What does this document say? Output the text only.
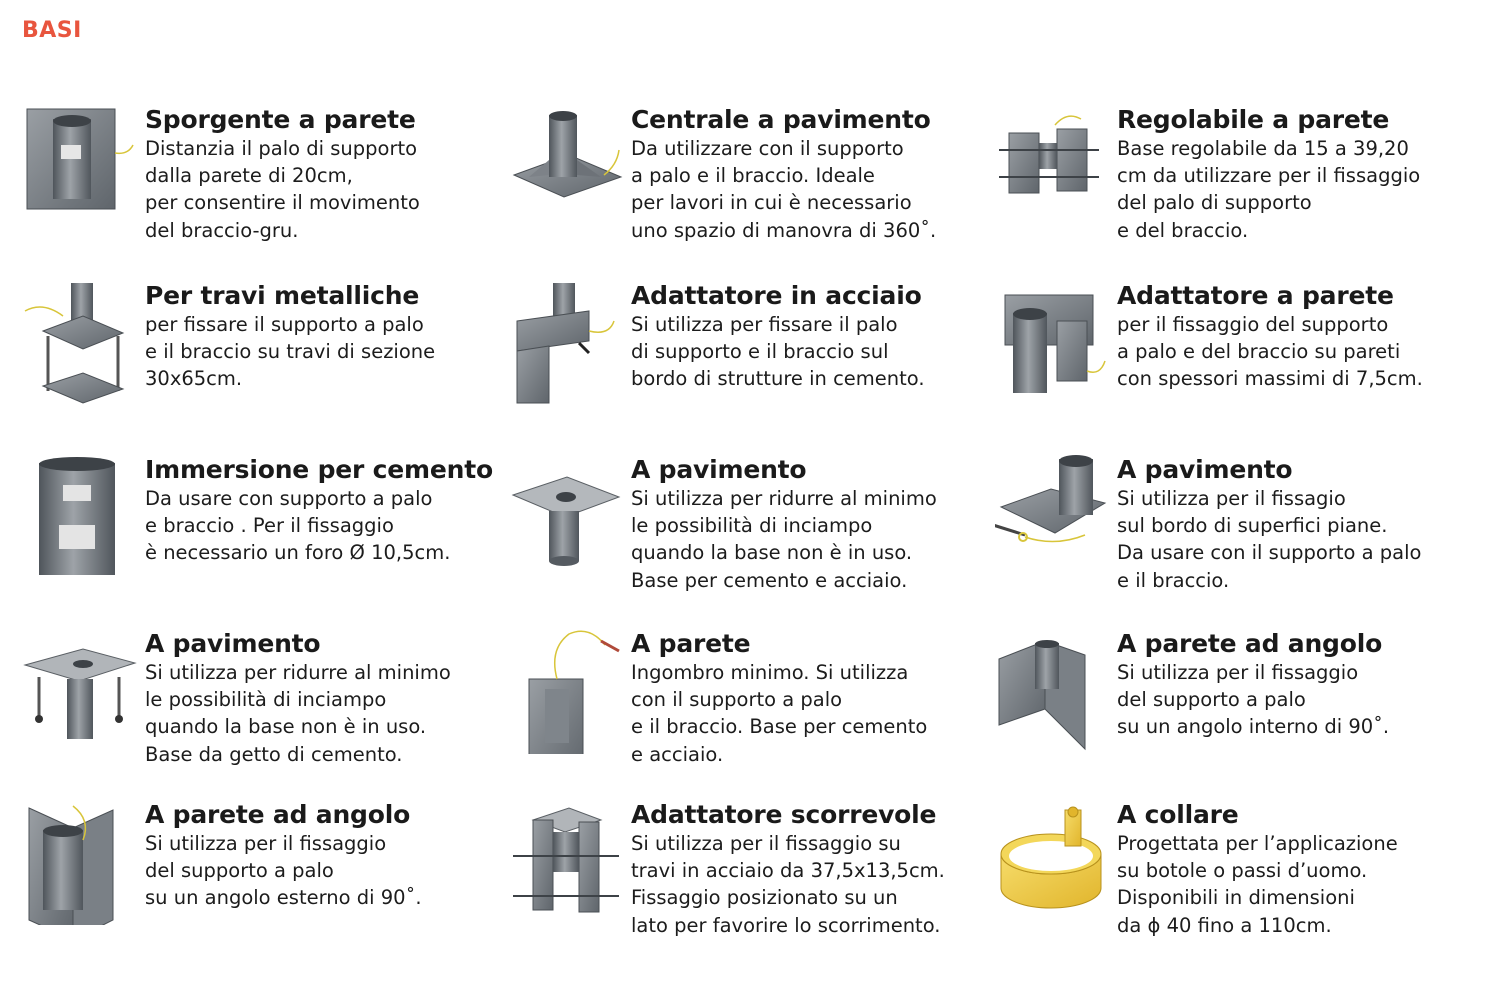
BASI
Sporgente a parete
Distanzia il palo di supporto
dalla parete di 20cm,
per consentire il movimento
del braccio-gru.
Centrale a pavimento
Da utilizzare con il supporto
a palo e il braccio. Ideale
per lavori in cui è necessario
uno spazio di manovra di 360˚.
Regolabile a parete
Base regolabile da 15 a 39,20
cm da utilizzare per il fissaggio
del palo di supporto
e del braccio.
Per travi metalliche
per fissare il supporto a palo
e il braccio su travi di sezione
30x65cm.
Adattatore in acciaio
Si utilizza per fissare il palo
di supporto e il braccio sul
bordo di strutture in cemento.
Adattatore a parete
per il fissaggio del supporto
a palo e del braccio su pareti
con spessori massimi di 7,5cm.
Immersione per cemento
Da usare con supporto a palo
e braccio . Per il fissaggio
è necessario un foro Ø 10,5cm.
A pavimento
Si utilizza per ridurre al minimo
le possibilità di inciampo
quando la base non è in uso.
Base per cemento e acciaio.
A pavimento
Si utilizza per il fissagio
sul bordo di superfici piane.
Da usare con il supporto a palo
e il braccio.
A pavimento
Si utilizza per ridurre al minimo
le possibilità di inciampo
quando la base non è in uso.
Base da getto di cemento.
A parete
Ingombro minimo. Si utilizza
con il supporto a palo
e il braccio. Base per cemento
e acciaio.
A parete ad angolo
Si utilizza per il fissaggio
del supporto a palo
su un angolo interno di 90˚.
A parete ad angolo
Si utilizza per il fissaggio
del supporto a palo
su un angolo esterno di 90˚.
Adattatore scorrevole
Si utilizza per il fissaggio su
travi in acciaio da 37,5x13,5cm.
Fissaggio posizionato su un
lato per favorire lo scorrimento.
A collare
Progettata per l’applicazione
su botole o passi d’uomo.
Disponibili in dimensioni
da ϕ 40 fino a 110cm.
